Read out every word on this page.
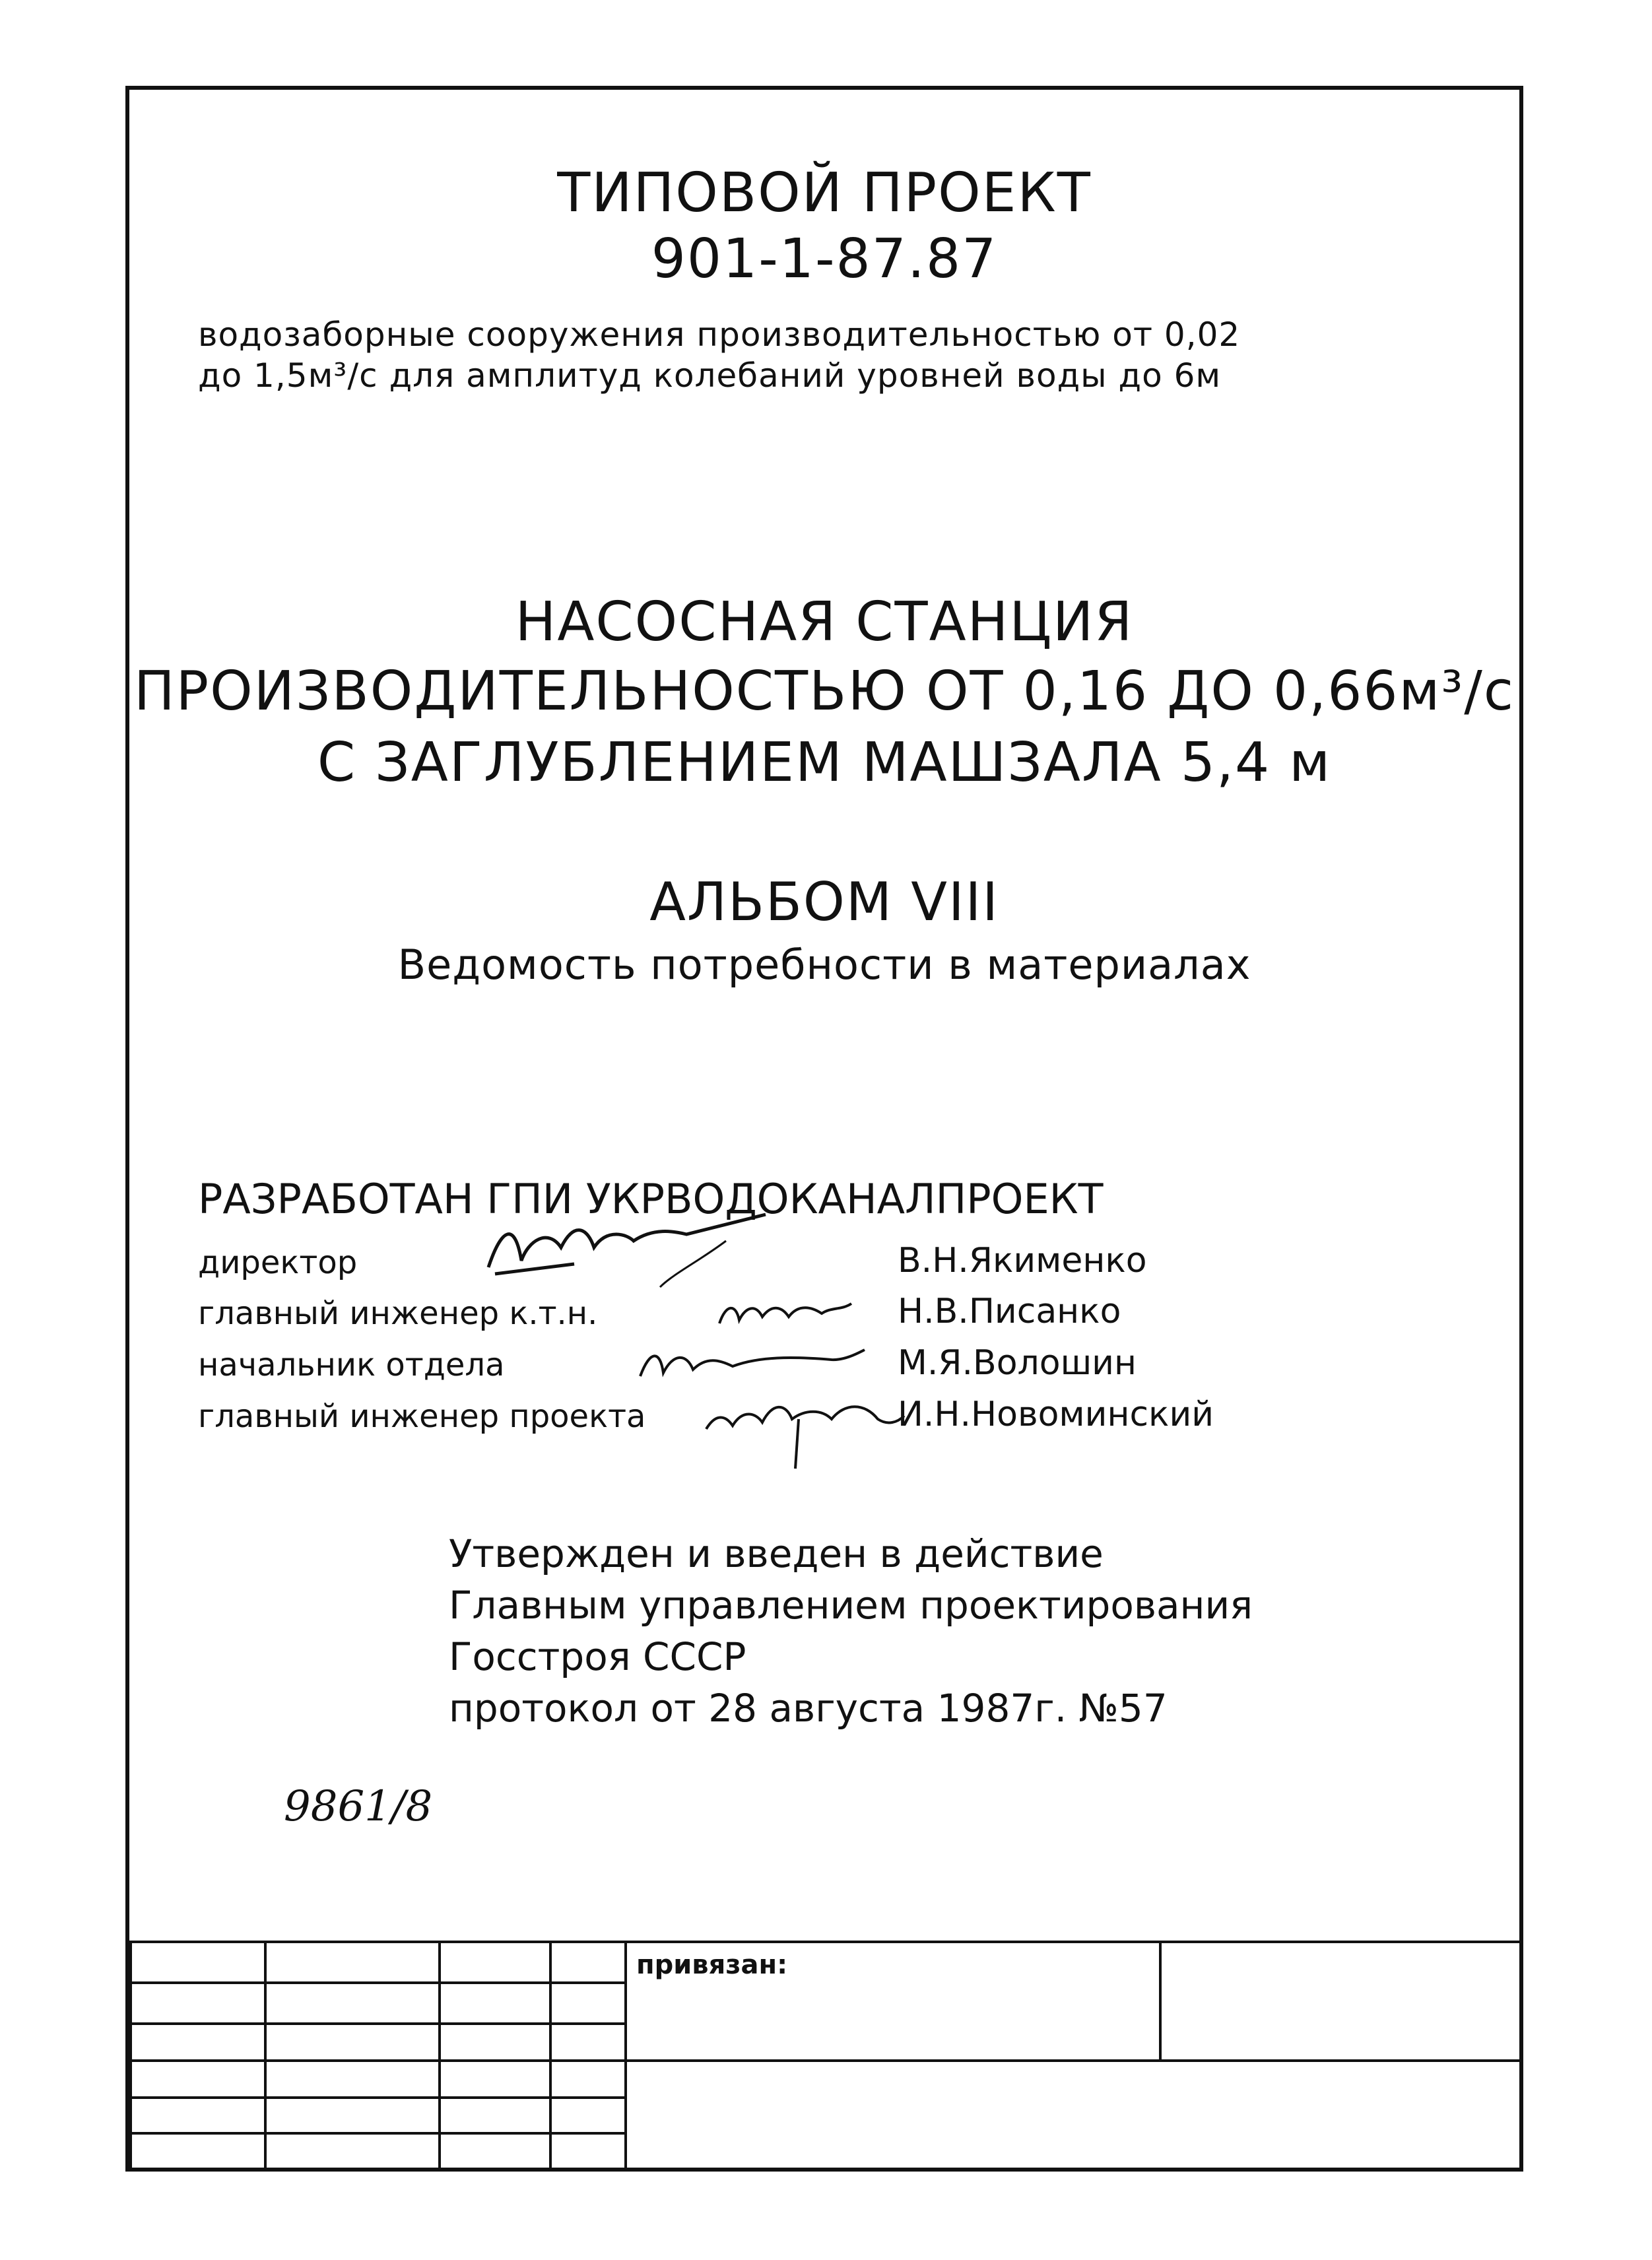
ТИПОВОЙ ПРОЕКТ
901-1-87.87
водозаборные сооружения производительностью от 0,02
до 1,5м³/с для амплитуд колебаний уровней воды до 6м
НАСОСНАЯ СТАНЦИЯ
ПРОИЗВОДИТЕЛЬНОСТЬЮ ОТ 0,16 ДО 0,66м³/с
С ЗАГЛУБЛЕНИЕМ МАШЗАЛА 5,4 м
АЛЬБОМ VIII
Ведомость потребности в материалах
РАЗРАБОТАН ГПИ УКРВОДОКАНАЛПРОЕКТ
директор	В.Н.Якименко
главный инженер к.т.н.	Н.В.Писанко
начальник отдела	М.Я.Волошин
главный инженер проекта	И.Н.Новоминский
Утвержден и введен в действие
Главным управлением проектирования
Госстроя СССР
протокол от 28 августа 1987г. №57
9861/8
				привязан:	
